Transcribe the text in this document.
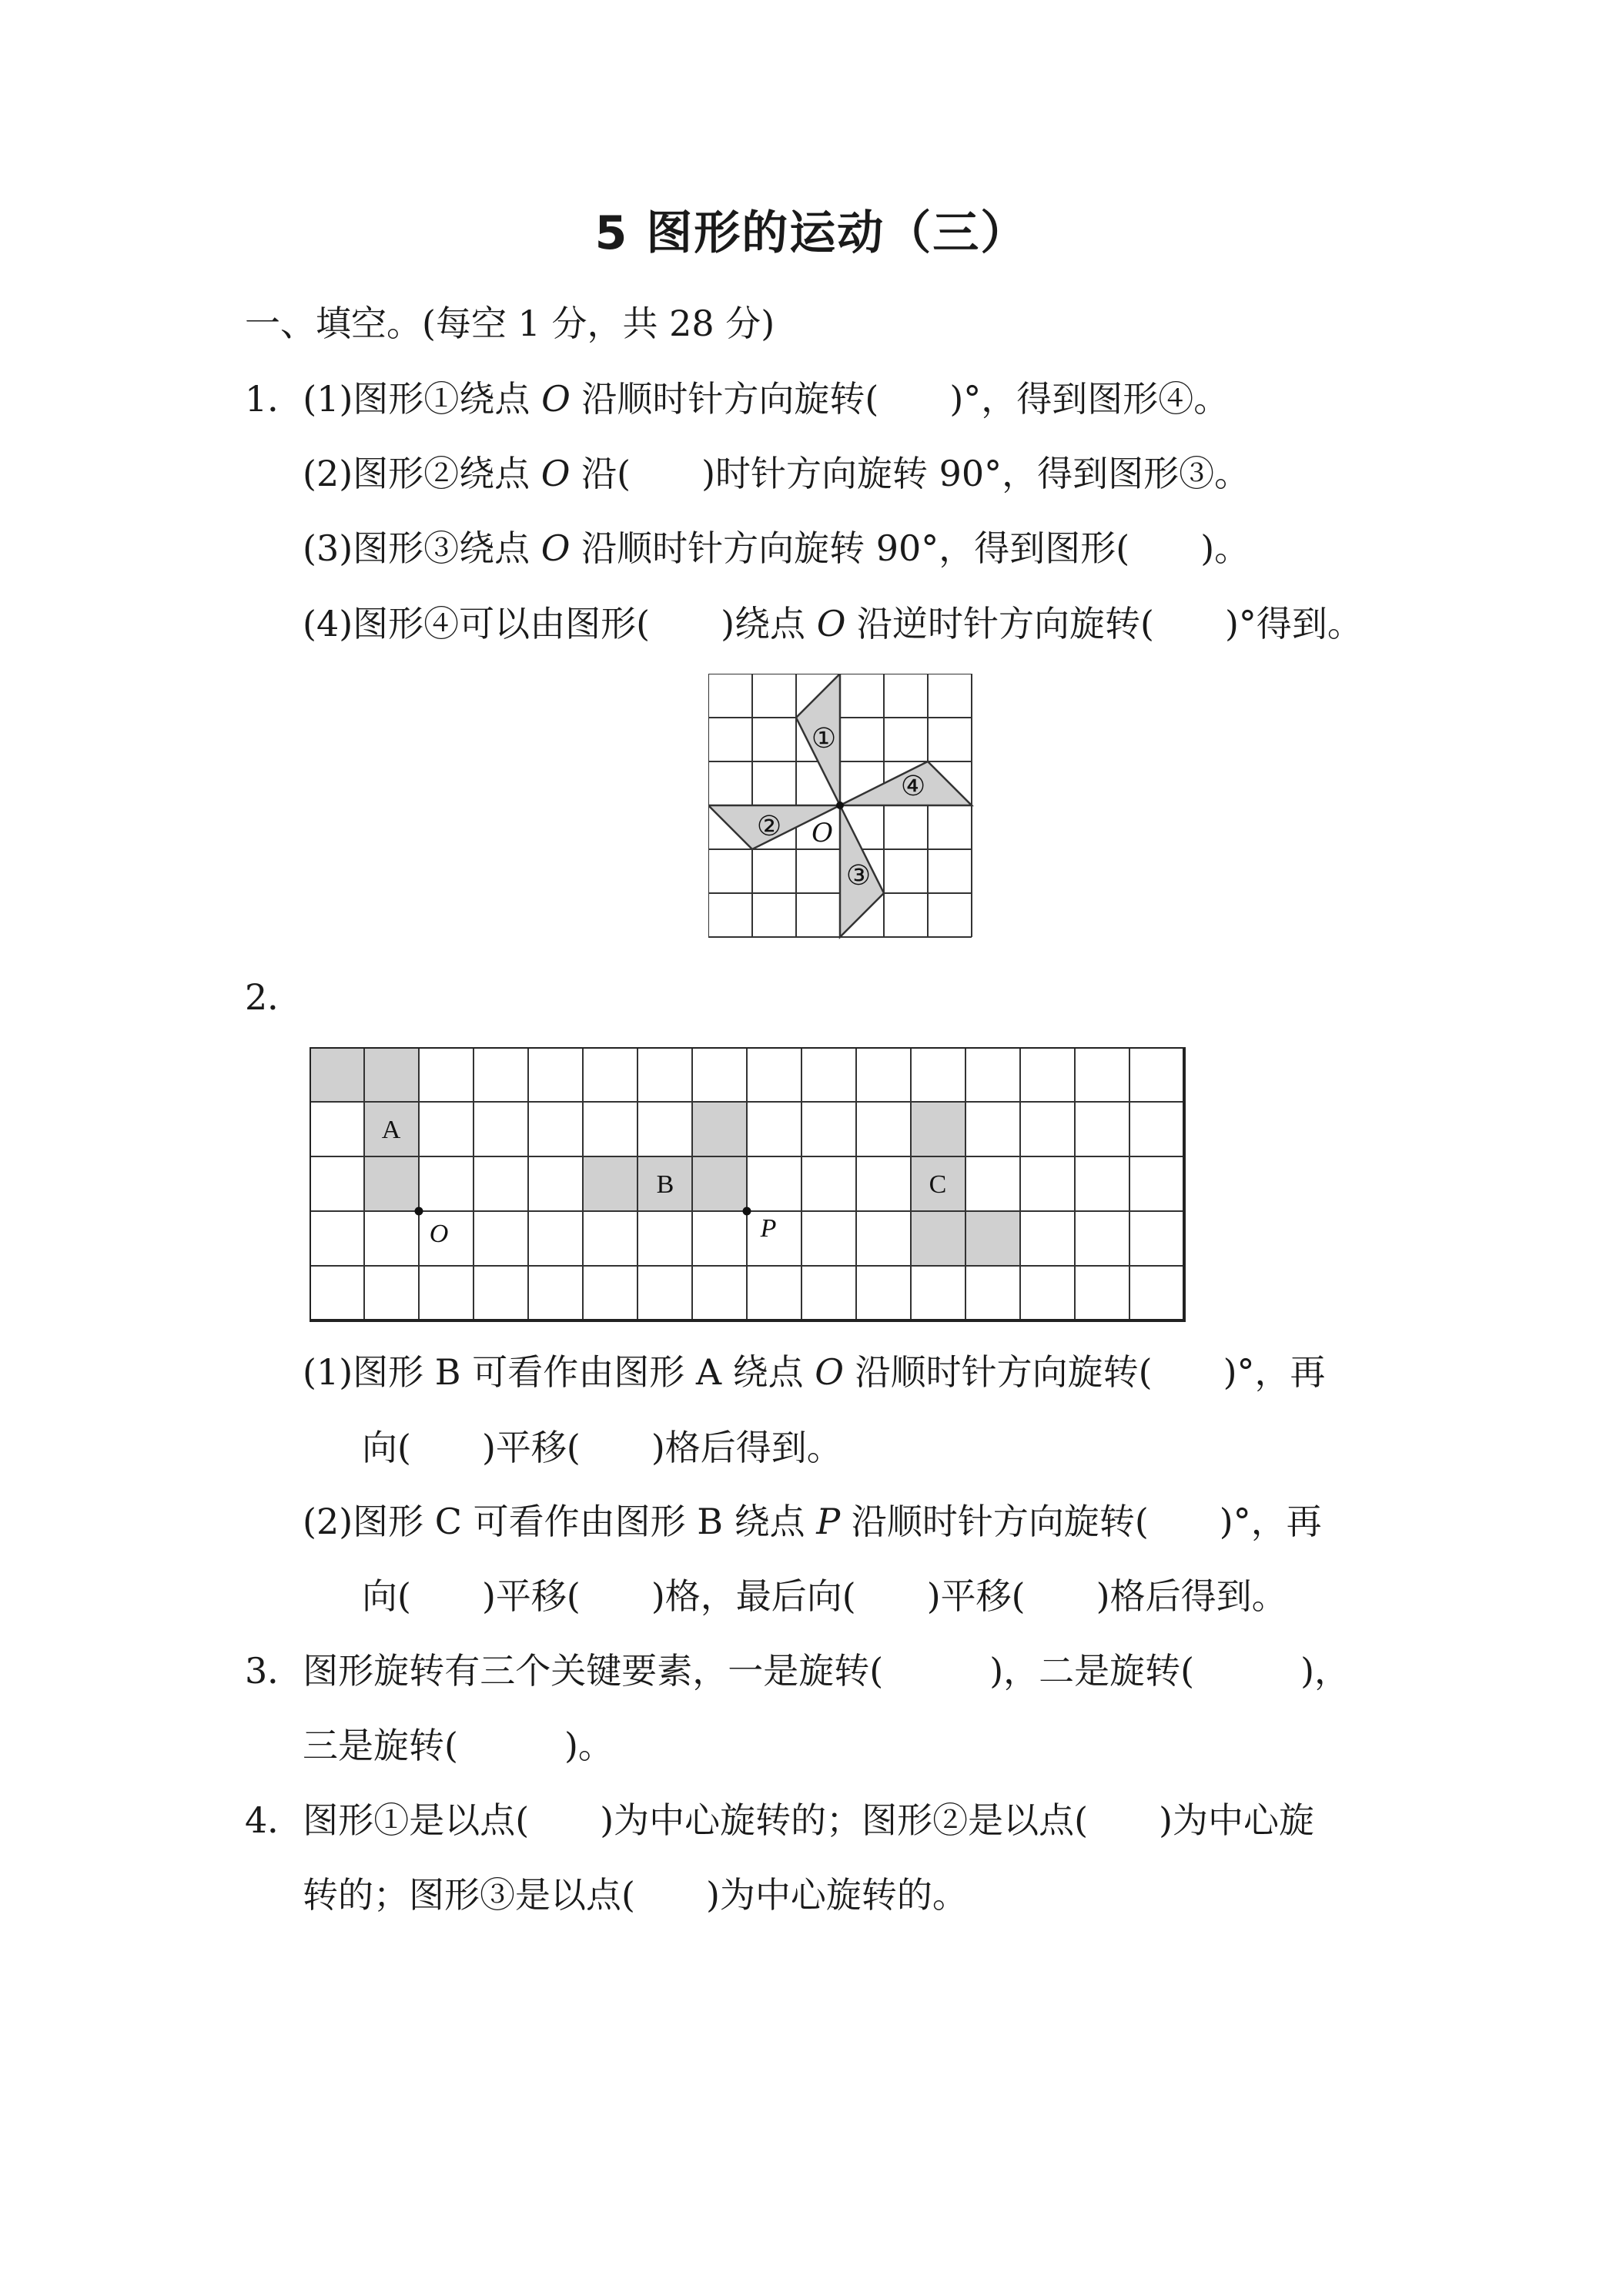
5 图形的运动（三）
一、填空。(每空 1 分，共 28 分)
1．(1)图形①绕点 O 沿顺时针方向旋转(　　)°，得到图形④。
(2)图形②绕点 O 沿(　　)时针方向旋转 90°，得到图形③。
(3)图形③绕点 O 沿顺时针方向旋转 90°，得到图形(　　)。
(4)图形④可以由图形(　　)绕点 O 沿逆时针方向旋转(　　)°得到。
①
②
③
④
O
2．
A
B	C
O	P
(1)图形 B 可看作由图形 A 绕点 O 沿顺时针方向旋转(　　)°，再
向(　　)平移(　　)格后得到。
(2)图形 C 可看作由图形 B 绕点 P 沿顺时针方向旋转(　　)°，再
向(　　)平移(　　)格，最后向(　　)平移(　　)格后得到。
3．图形旋转有三个关键要素，一是旋转(　　　)，二是旋转(　　　)，
三是旋转(　　　)。
4．图形①是以点(　　)为中心旋转的；图形②是以点(　　)为中心旋
转的；图形③是以点(　　)为中心旋转的。
